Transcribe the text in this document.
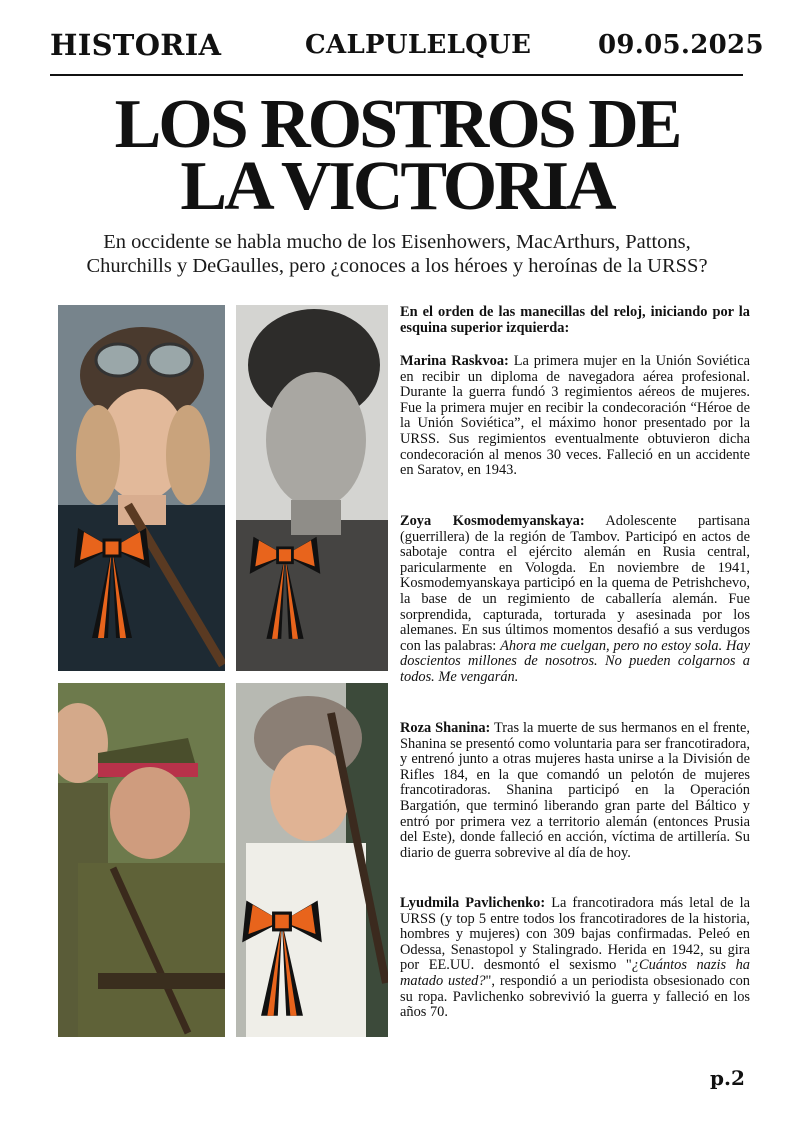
HISTORIA	CALPULELQUE	09.05.2025
LOS ROSTROS DE
LA VICTORIA
En occidente se habla mucho de los Eisenhowers, MacArthurs, Pattons,
Churchills y DeGaulles, pero ¿conoces a los héroes y heroínas de la URSS?
En el orden de las manecillas del reloj, iniciando por la esquina superior izquierda:
Marina Raskvoa: La primera mujer en la Unión Soviética en recibir un diploma de navegadora aérea profesional. Durante la guerra fundó 3 regimientos aéreos de mujeres. Fue la primera mujer en recibir la condecoración “Héroe de la Unión Soviética”, el máximo honor presentado por la URSS. Sus regimientos eventualmente obtuvieron dicha condecoración al menos 30 veces. Falleció en un accidente en Saratov, en 1943.
Zoya Kosmodemyanskaya: Adolescente partisana (guerrillera) de la región de Tambov. Participó en actos de sabotaje contra el ejército alemán en Rusia central, paricularmente en Vologda. En noviembre de 1941, Kosmodemyanskaya participó en la quema de Petrishchevo, la base de un regimiento de caballería alemán. Fue sorprendida, capturada, torturada y asesinada por los alemanes. En sus últimos momentos desafió a sus verdugos con las palabras: Ahora me cuelgan, pero no estoy sola. Hay doscientos millones de nosotros. No pueden colgarnos a todos. Me vengarán.
Roza Shanina: Tras la muerte de sus hermanos en el frente, Shanina se presentó como voluntaria para ser francotiradora, y entrenó junto a otras mujeres hasta unirse a la División de Rifles 184, en la que comandó un pelotón de mujeres francotiradoras. Shanina participó en la Operación Bargatión, que terminó liberando gran parte del Báltico y entró por primera vez a territorio alemán (entonces Prusia del Este), donde falleció en acción, víctima de artillería. Su diario de guerra sobrevive al día de hoy.
Lyudmila Pavlichenko: La francotiradora más letal de la URSS (y top 5 entre todos los francotiradores de la historia, hombres y mujeres) con 309 bajas confirmadas. Peleó en Odessa, Senastopol y Stalingrado. Herida en 1942, su gira por EE.UU. desmontó el sexismo "¿Cuántos nazis ha matado usted?", respondió a un periodista obsesionado con su ropa. Pavlichenko sobrevivió la guerra y falleció en los años 70.
p.2
